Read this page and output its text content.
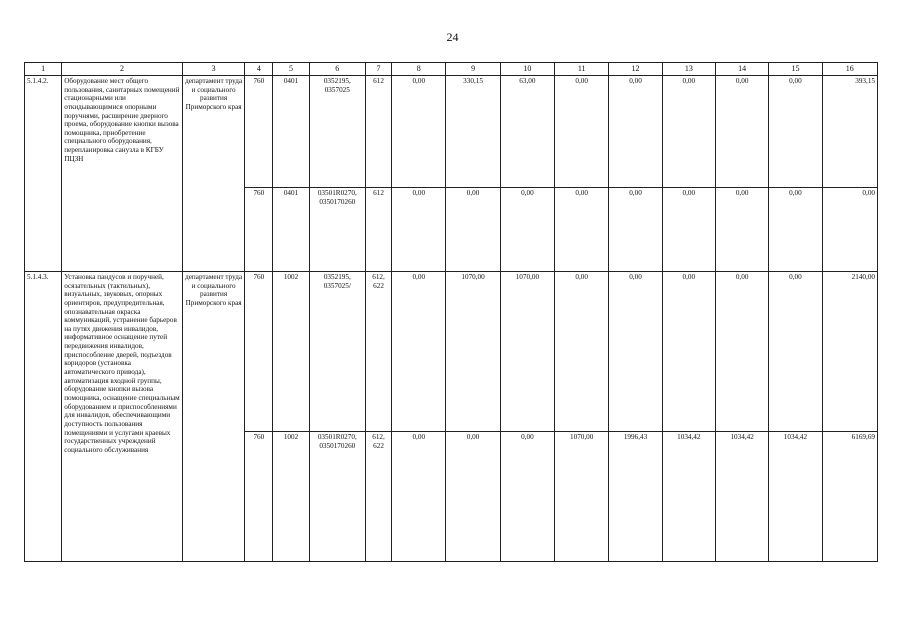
24
1	2	3	4	5	6	7	8	9	10	11	12	13	14	15	16
5.1.4.2.	Оборудование мест общего пользования, санитарных помещений стационарными или откидывающимися опорными поручнями, расширение дверного проема, оборудование кнопки вызова помощника, приобретение специального оборудования, перепланировка санузла в КГБУ ПЦЗН	департамент труда и социального развития Приморского края	760	0401	0352195, 0357025	612	0,00	330,15	63,00	0,00	0,00	0,00	0,00	0,00	393,15
			760	0401	03501R0270, 0350170260	612	0,00	0,00	0,00	0,00	0,00	0,00	0,00	0,00	0,00
5.1.4.3.	Установка пандусов и поручней, осязательных (тактильных), визуальных, звуковых, опорных ориентиров, предупредительная, опознавательная окраска коммуникаций, устранение барьеров на путях движения инвалидов, информативное оснащение путей передвижения инвалидов, приспособление дверей, подъездов коридоров (установка автоматического привода), автоматизация входной группы, оборудование кнопки вызова помощника, оснащение специальным оборудованием и приспособлениями для инвалидов, обеспечивающими доступность пользования помещениями и услугами краевых государственных учреждений социального обслуживания	департамент труда и социального развития Приморского края	760	1002	0352195, 0357025/	612, 622	0,00	1070,00	1070,00	0,00	0,00	0,00	0,00	0,00	2140,00
			760	1002	03501R0270, 0350170260	612, 622	0,00	0,00	0,00	1070,00	1996,43	1034,42	1034,42	1034,42	6169,69
